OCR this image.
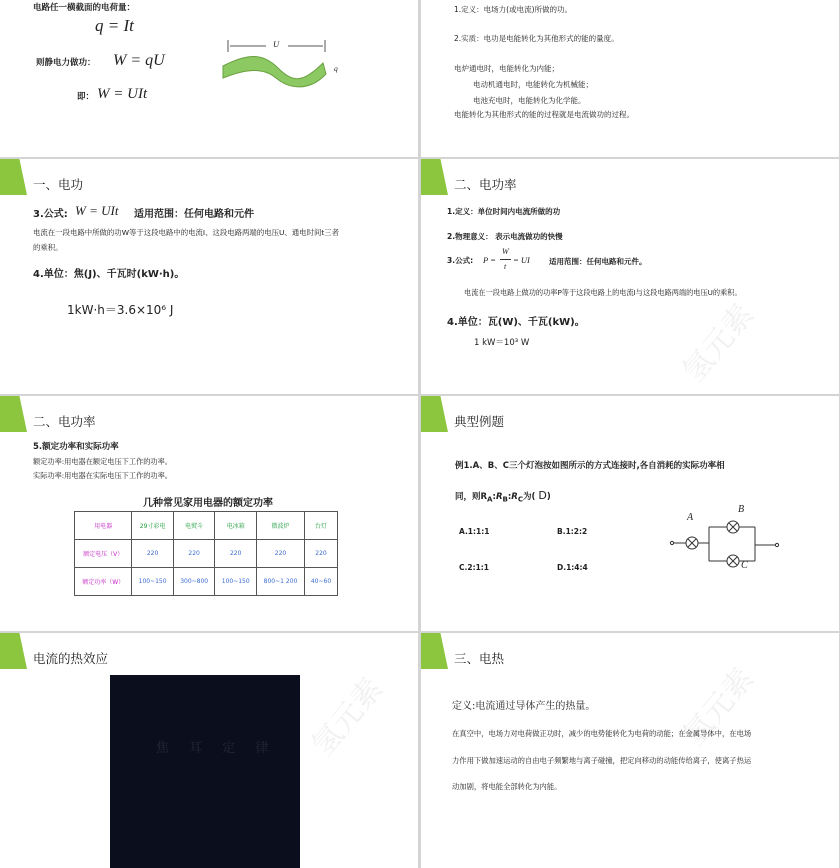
电路任一横截面的电荷量：
q = It
则静电力做功： W = qU
即： W = UIt
U
q
1.定义：电场力(或电流)所做的功。
2.实质：电功是电能转化为其他形式的能的量度。
电炉通电时，电能转化为内能；
电动机通电时，电能转化为机械能；
电池充电时，电能转化为化学能。
电能转化为其他形式的能的过程就是电流做功的过程。
一、电功
3.公式: W = UIt 适用范围：任何电路和元件
电流在一段电路中所做的功W等于这段电路中的电流I、这段电路两端的电压U、通电时间t三者
的乘积。
4.单位：焦(J)、千瓦时(kW·h)。
1kW·h＝3.6×10⁶ J
二、电功率
1.定义：单位时间内电流所做的功
2.物理意义： 表示电流做功的快慢
3.公式: P =
W
t
= UI	适用范围：任何电路和元件。
电流在一段电路上做功的功率P等于这段电路上的电流I与这段电路两端的电压U的乘积。
4.单位：瓦(W)、千瓦(kW)。
1 kW＝10³ W	氢元素
二、电功率
5.额定功率和实际功率
额定功率:用电器在额定电压下工作的功率。
实际功率:用电器在实际电压下工作的功率。
几种常见家用电器的额定功率
用电器	29寸彩电	电熨斗	电冰箱	微波炉	台灯
额定电压（V）	220	220	220	220	220
额定功率（W）	100~150	300~800	100~150	800~1 200	40~60
典型例题
例1.A、B、C三个灯泡按如图所示的方式连接时,各自消耗的实际功率相
同，则$R_A:R_B:R_C$为( D)
A.1:1:1	B.1:2:2
C.2:1:1	D.1:4:4
A
B
C
电流的热效应
焦 耳 定 律 氢元素
三、电热
定义:电流通过导体产生的热量。
在真空中，电场力对电荷做正功时，减少的电势能转化为电荷的动能；在金属导体中，在电场
力作用下做加速运动的自由电子频繁地与离子碰撞，把定向移动的动能传给离子，使离子热运
动加剧，将电能全部转化为内能。
氢元素
